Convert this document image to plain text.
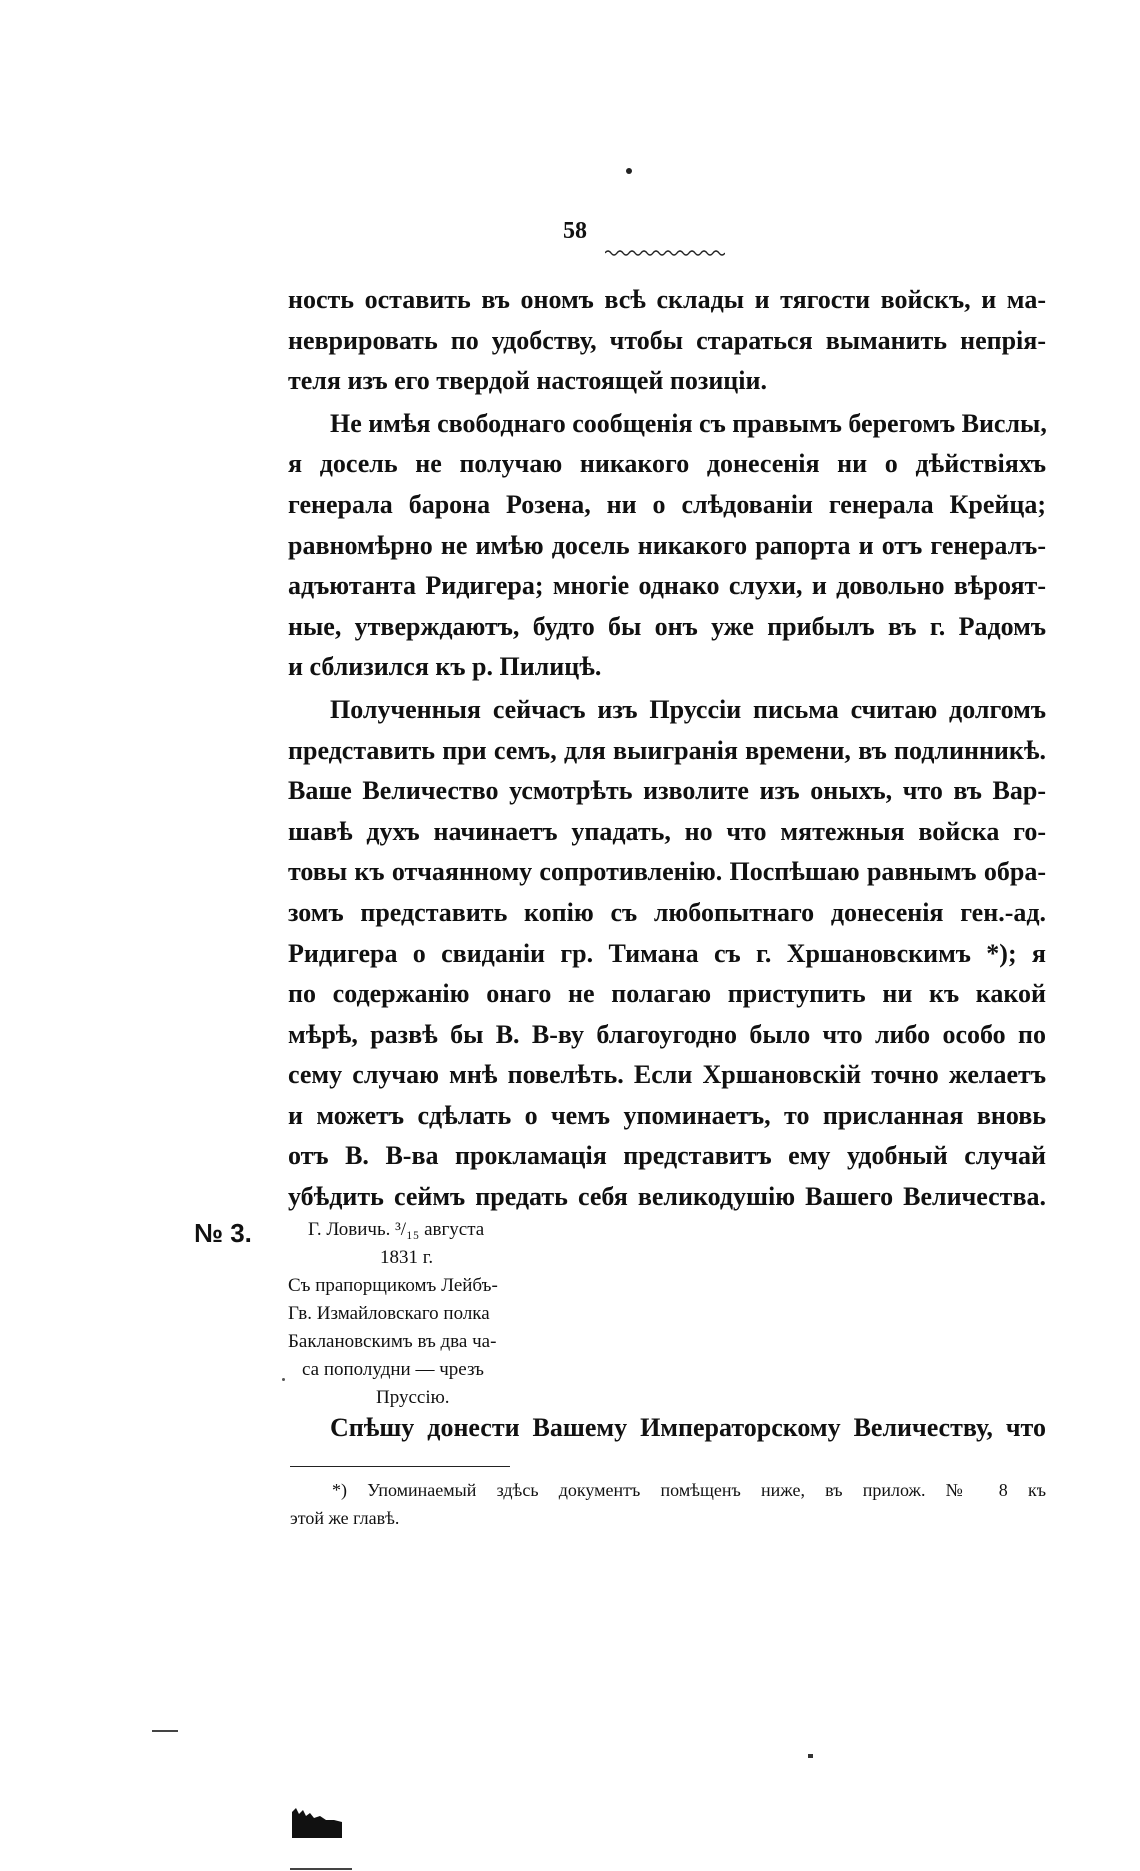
58
ность оставить въ ономъ всѣ склады и тягости войскъ, и ма-
неврировать по удобству, чтобы стараться выманить непрія-
теля изъ его твердой настоящей позиціи.
Не имѣя свободнаго сообщенія съ правымъ берегомъ Вислы,
я досель не получаю никакого донесенія ни о дѣйствіяхъ
генерала барона Розена, ни о слѣдованіи генерала Крейца;
равномѣрно не имѣю досель никакого рапорта и отъ генералъ-
адъютанта Ридигера; многіе однако слухи, и довольно вѣроят-
ные, утверждаютъ, будто бы онъ уже прибылъ въ г. Радомъ
и сблизился къ р. Пилицѣ.
Полученныя сейчасъ изъ Пруссіи письма считаю долгомъ
представить при семъ, для выигранія времени, въ подлинникѣ.
Ваше Величество усмотрѣть изволите изъ оныхъ, что въ Вар-
шавѣ духъ начинаетъ упадать, но что мятежныя войска го-
товы къ отчаянному сопротивленію. Поспѣшаю равнымъ обра-
зомъ представить копію съ любопытнаго донесенія ген.-ад.
Ридигера о свиданіи гр. Тимана съ г. Хршановскимъ *); я
по содержанію онаго не полагаю приступить ни къ какой
мѣрѣ, развѣ бы В. В-ву благоугодно было что либо особо по
сему случаю мнѣ повелѣть. Если Хршановскій точно желаетъ
и можетъ сдѣлать о чемъ упоминаетъ, то присланная вновь
отъ В. В-ва прокламація представитъ ему удобный случай
убѣдить сеймъ предать себя великодушію Вашего Величества.
№ 3.	Г. Ловичь. ³/₁₅ августа
1831 г.
Съ прапорщикомъ Лейбъ-
Гв. Измайловскаго полка
Баклановскимъ въ два ча-
са пополудни — чрезъ
Пруссію.
Спѣшу донести Вашему Императорскому Величеству, что
*) Упоминаемый здѣсь документъ помѣщенъ ниже, въ прилож. № 8 къ
этой же главѣ.
